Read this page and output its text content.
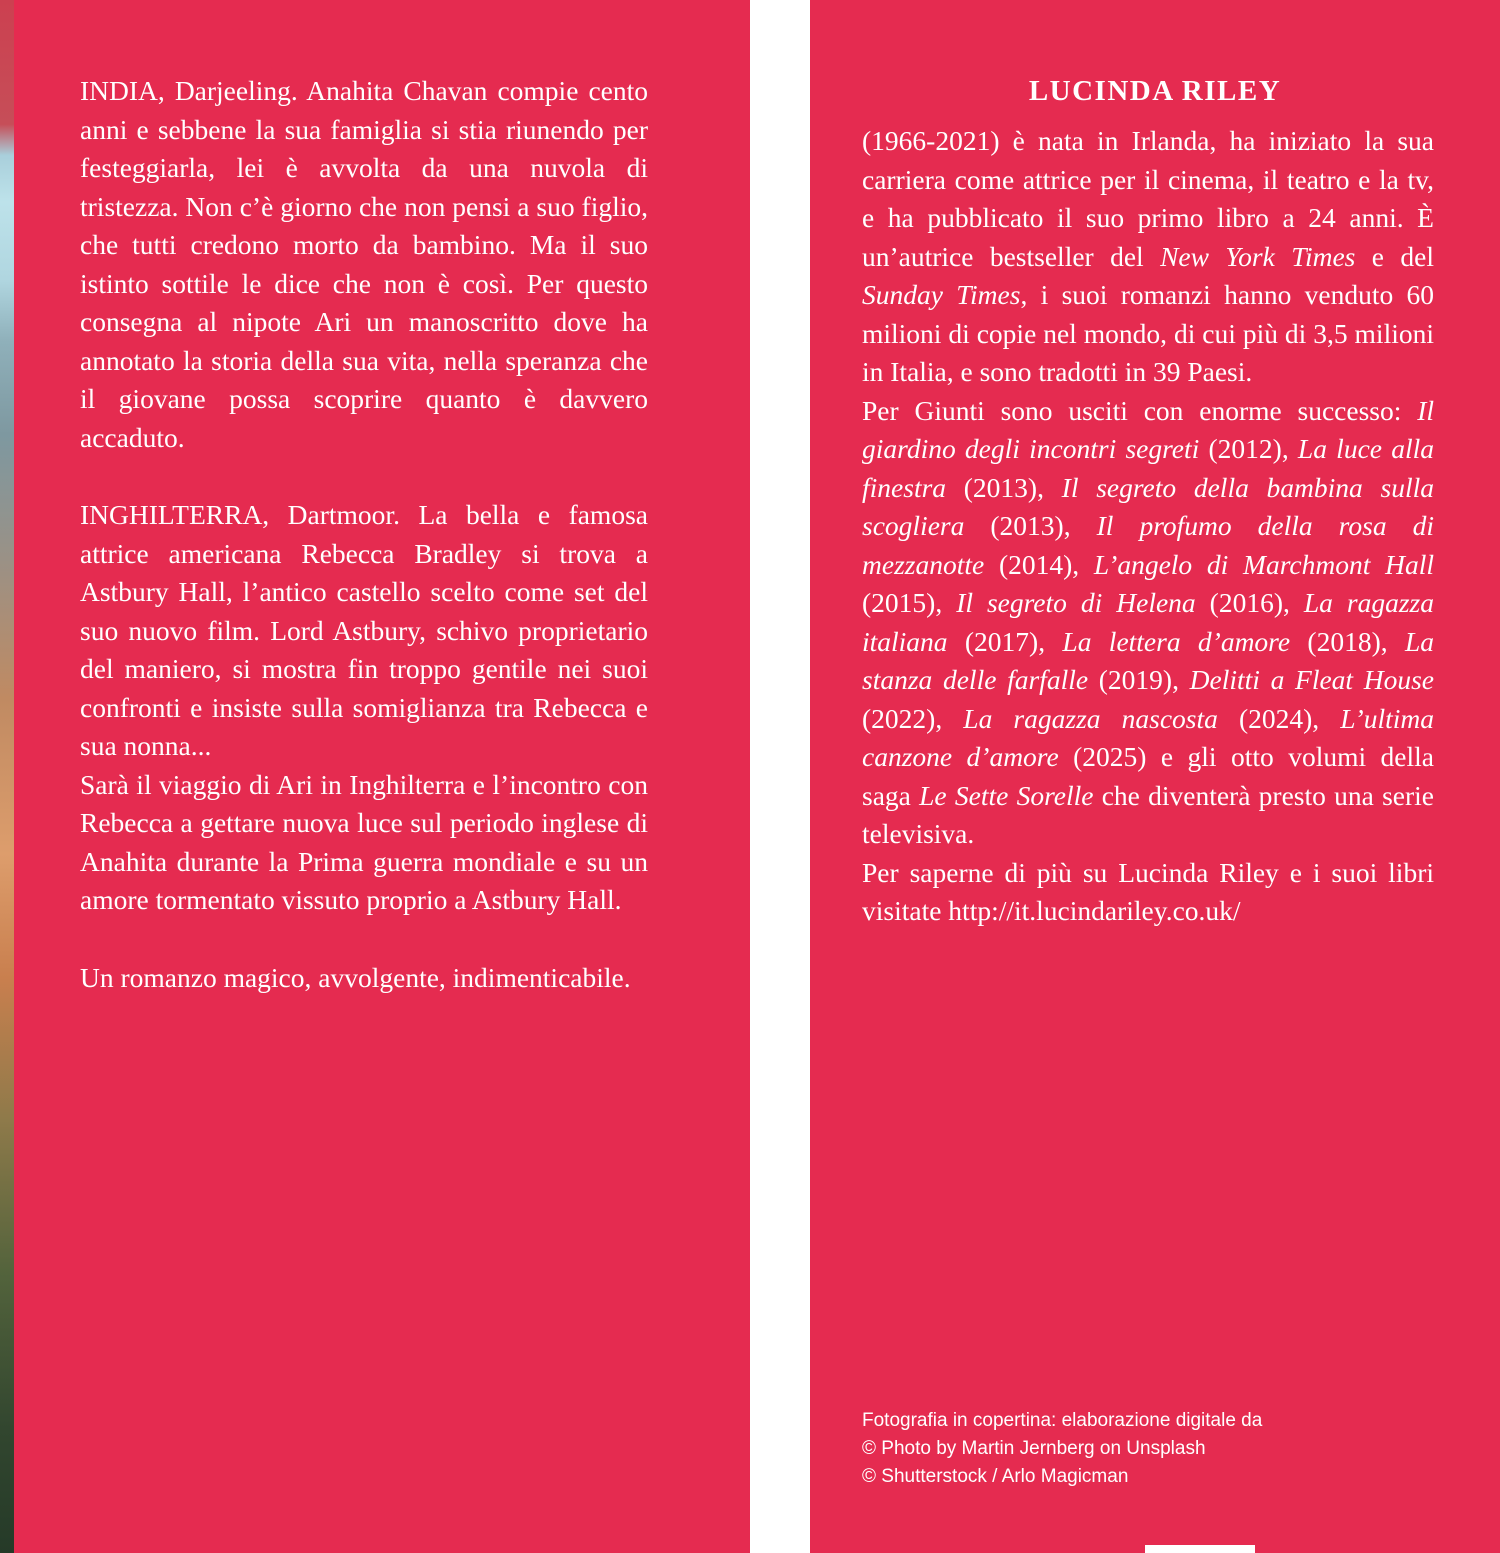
INDIA, Darjeeling. Anahita Chavan compie cento anni e sebbene la sua famiglia si stia riunendo per festeggiarla, lei è avvolta da una nuvola di tristezza. Non c’è giorno che non pensi a suo figlio, che tutti credono morto da bambino. Ma il suo istinto sottile le dice che non è così. Per questo consegna al nipote Ari un manoscritto dove ha annotato la storia della sua vita, nella speranza che il giovane possa scoprire quanto è davvero accaduto.

INGHILTERRA, Dartmoor. La bella e famosa attrice americana Rebecca Bradley si trova a Astbury Hall, l’antico castello scelto come set del suo nuovo film. Lord Astbury, schivo proprietario del maniero, si mostra fin troppo gentile nei suoi confronti e insiste sulla somiglianza tra Rebecca e sua nonna...

Sarà il viaggio di Ari in Inghilterra e l’incontro con Rebecca a gettare nuova luce sul periodo inglese di Anahita durante la Prima guerra mondiale e su un amore tormentato vissuto proprio a Astbury Hall.

Un romanzo magico, avvolgente, indimenticabile.

LUCINDA RILEY

(1966-2021) è nata in Irlanda, ha iniziato la sua carriera come attrice per il cinema, il teatro e la tv, e ha pubblicato il suo primo libro a 24 anni. È un’autrice bestseller del New York Times e del Sunday Times, i suoi romanzi hanno venduto 60 milioni di copie nel mondo, di cui più di 3,5 milioni in Italia, e sono tradotti in 39 Paesi.

Per Giunti sono usciti con enorme successo: Il giardino degli incontri segreti (2012), La luce alla finestra (2013), Il segreto della bambina sulla scogliera (2013), Il profumo della rosa di mezzanotte (2014), L’angelo di Marchmont Hall (2015), Il segreto di Helena (2016), La ragazza italiana (2017), La lettera d’amore (2018), La stanza delle farfalle (2019), Delitti a Fleat House (2022), La ragazza nascosta (2024), L’ultima canzone d’amore (2025) e gli otto volumi della saga Le Sette Sorelle che diventerà presto una serie televisiva.

Per saperne di più su Lucinda Riley e i suoi libri visitate http://it.lucindariley.co.uk/

Fotografia in copertina: elaborazione digitale da
© Photo by Martin Jernberg on Unsplash
© Shutterstock / Arlo Magicman
